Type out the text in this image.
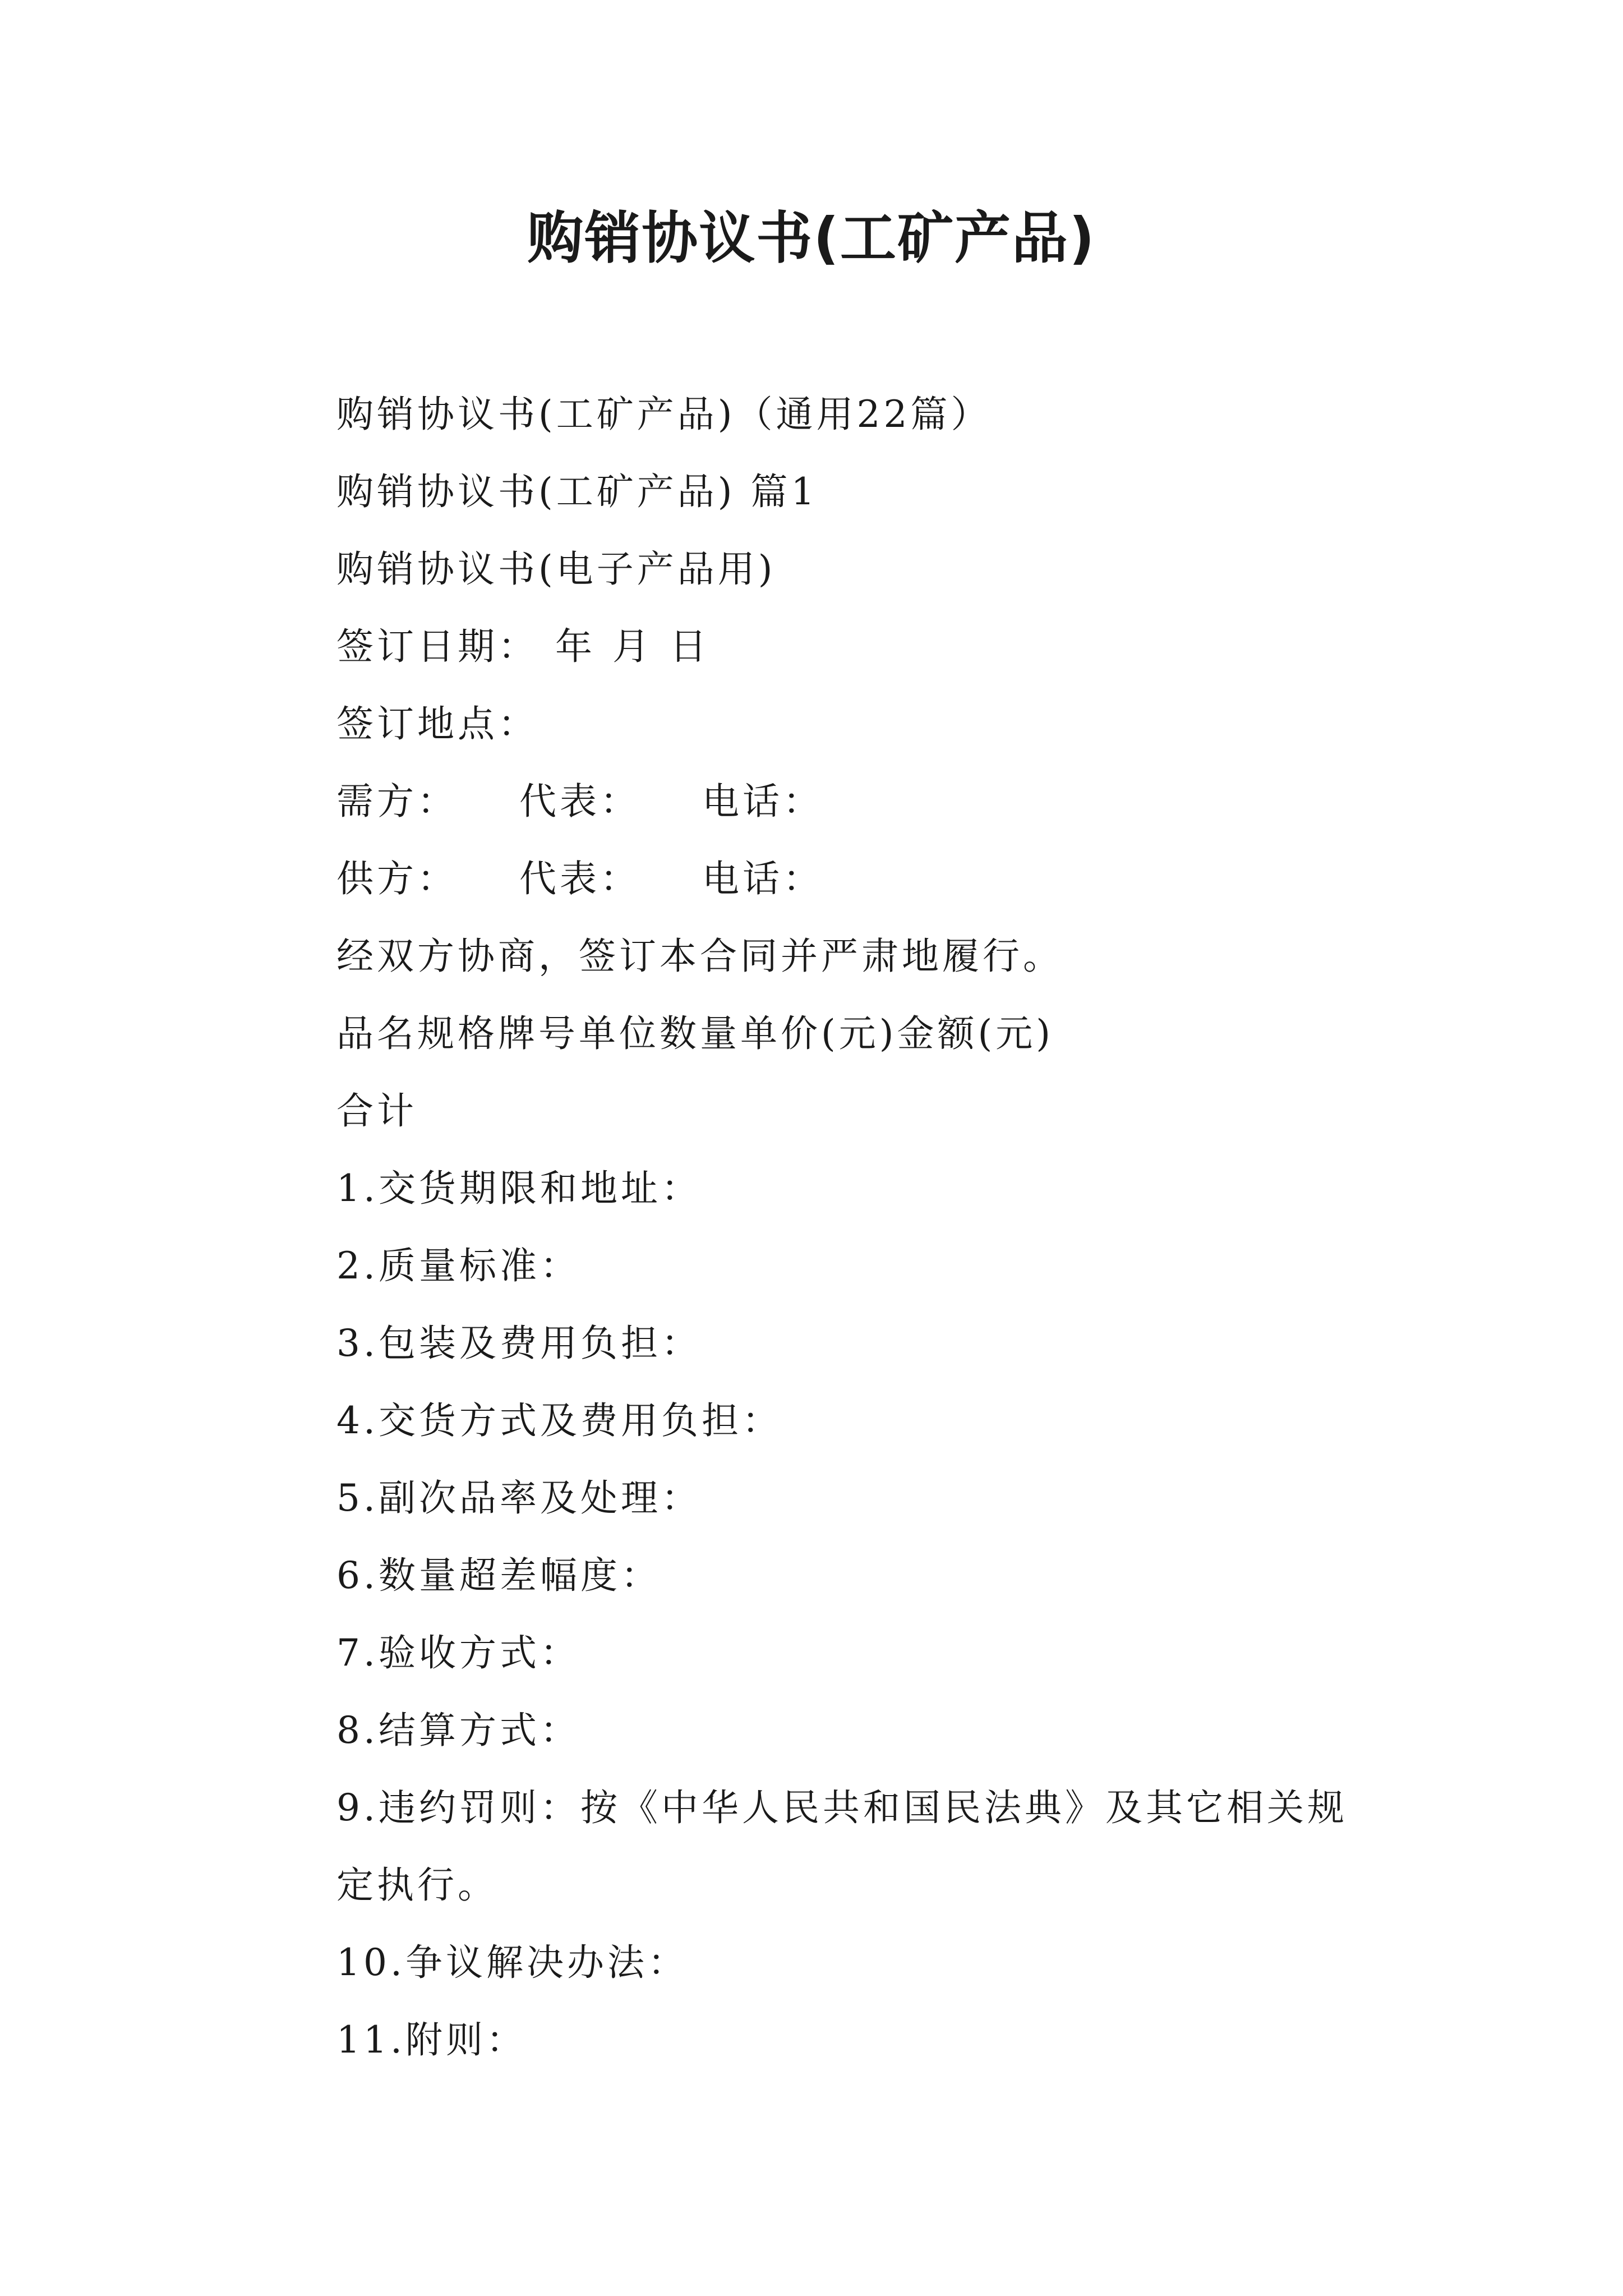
购销协议书(工矿产品)
购销协议书(工矿产品)（通用22篇）
购销协议书(工矿产品) 篇1
购销协议书(电子产品用)
签订日期： 年 月 日
签订地点：
需方： 代表： 电话：
供方： 代表： 电话：
经双方协商，签订本合同并严肃地履行。
品名规格牌号单位数量单价(元)金额(元)
合计
1.交货期限和地址：
2.质量标准：
3.包装及费用负担：
4.交货方式及费用负担：
5.副次品率及处理：
6.数量超差幅度：
7.验收方式：
8.结算方式：
9.违约罚则：按《中华人民共和国民法典》及其它相关规定执行。
10.争议解决办法：
11.附则：
